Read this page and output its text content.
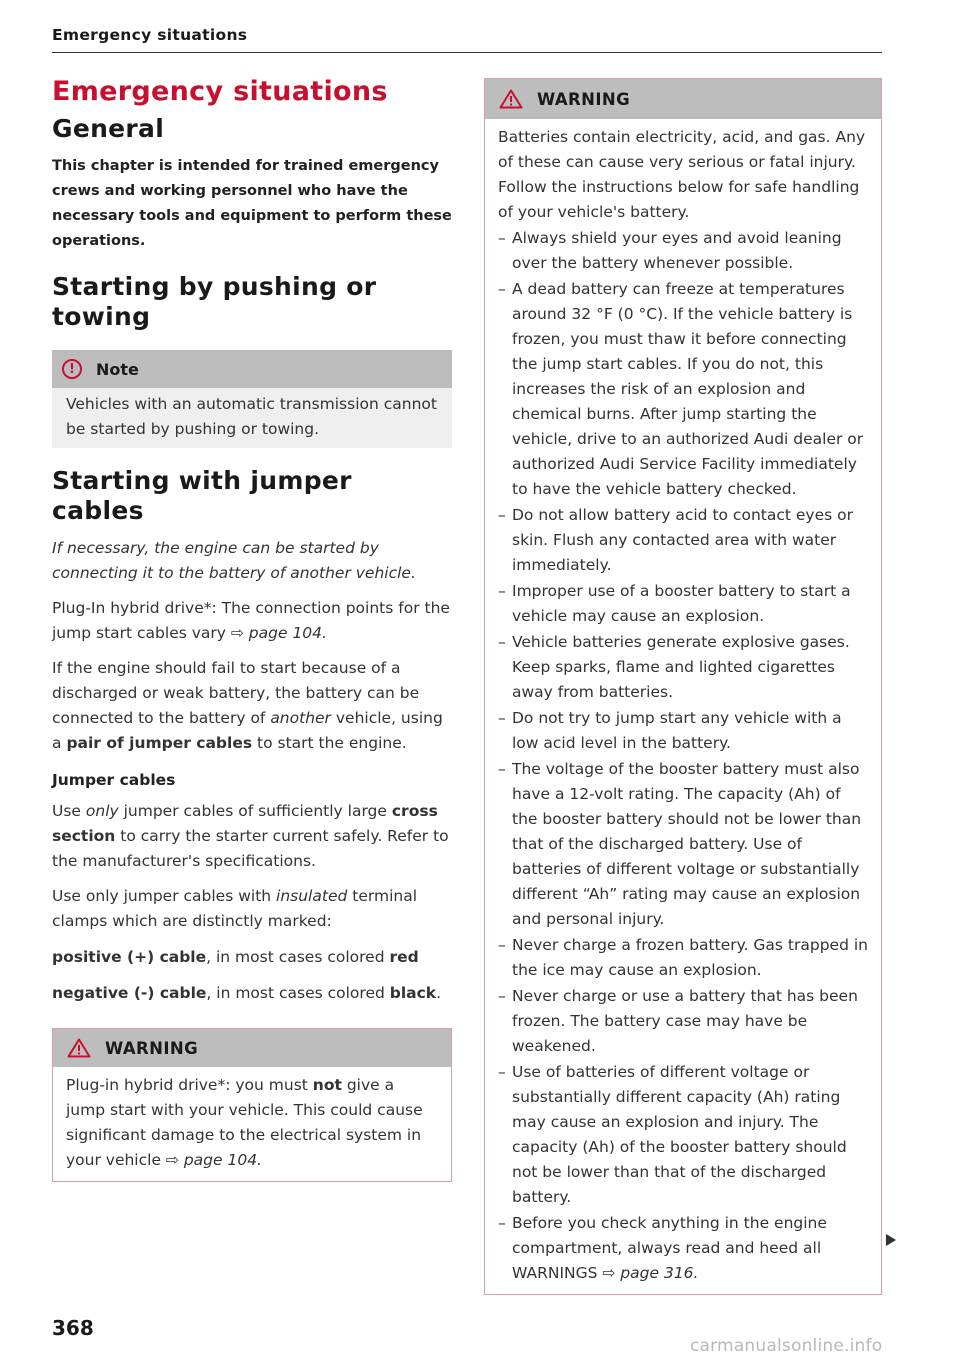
Emergency situations
Emergency situations
General

This chapter is intended for trained emergency crews and working personnel who have the necessary tools and equipment to perform these operations.

Starting by pushing or towing
!	Note
Vehicles with an automatic transmission cannot be started by pushing or towing.
Starting with jumper cables

If necessary, the engine can be started by connecting it to the battery of another vehicle.

Plug-In hybrid drive*: The connection points for the jump start cables vary ⇨ page 104.

If the engine should fail to start because of a discharged or weak battery, the battery can be connected to the battery of another vehicle, using a pair of jumper cables to start the engine.

Jumper cables

Use only jumper cables of sufficiently large cross section to carry the starter current safely. Refer to the manufacturer's specifications.

Use only jumper cables with insulated terminal clamps which are distinctly marked:

positive (+) cable, in most cases colored red

negative (-) cable, in most cases colored black.

WARNING
Plug-in hybrid drive*: you must not give a jump start with your vehicle. This could cause significant damage to the electrical system in your vehicle ⇨ page 104.
WARNING

Batteries contain electricity, acid, and gas. Any of these can cause very serious or fatal injury. Follow the instructions below for safe handling of your vehicle's battery.

– Always shield your eyes and avoid leaning over the battery whenever possible.
– A dead battery can freeze at temperatures around 32 °F (0 °C). If the vehicle battery is frozen, you must thaw it before connecting the jump start cables. If you do not, this increases the risk of an explosion and chemical burns. After jump starting the vehicle, drive to an authorized Audi dealer or authorized Audi Service Facility immediately to have the vehicle battery checked.
– Do not allow battery acid to contact eyes or skin. Flush any contacted area with water immediately.
– Improper use of a booster battery to start a vehicle may cause an explosion.
– Vehicle batteries generate explosive gases. Keep sparks, flame and lighted cigarettes away from batteries.
– Do not try to jump start any vehicle with a low acid level in the battery.
– The voltage of the booster battery must also have a 12-volt rating. The capacity (Ah) of the booster battery should not be lower than that of the discharged battery. Use of batteries of different voltage or substantially different “Ah” rating may cause an explosion and personal injury.
– Never charge a frozen battery. Gas trapped in the ice may cause an explosion.
– Never charge or use a battery that has been frozen. The battery case may have be weakened.
– Use of batteries of different voltage or substantially different capacity (Ah) rating may cause an explosion and injury. The capacity (Ah) of the booster battery should not be lower than that of the discharged battery.
– Before you check anything in the engine compartment, always read and heed all WARNINGS ⇨ page 316.
368
carmanualsonline.info
